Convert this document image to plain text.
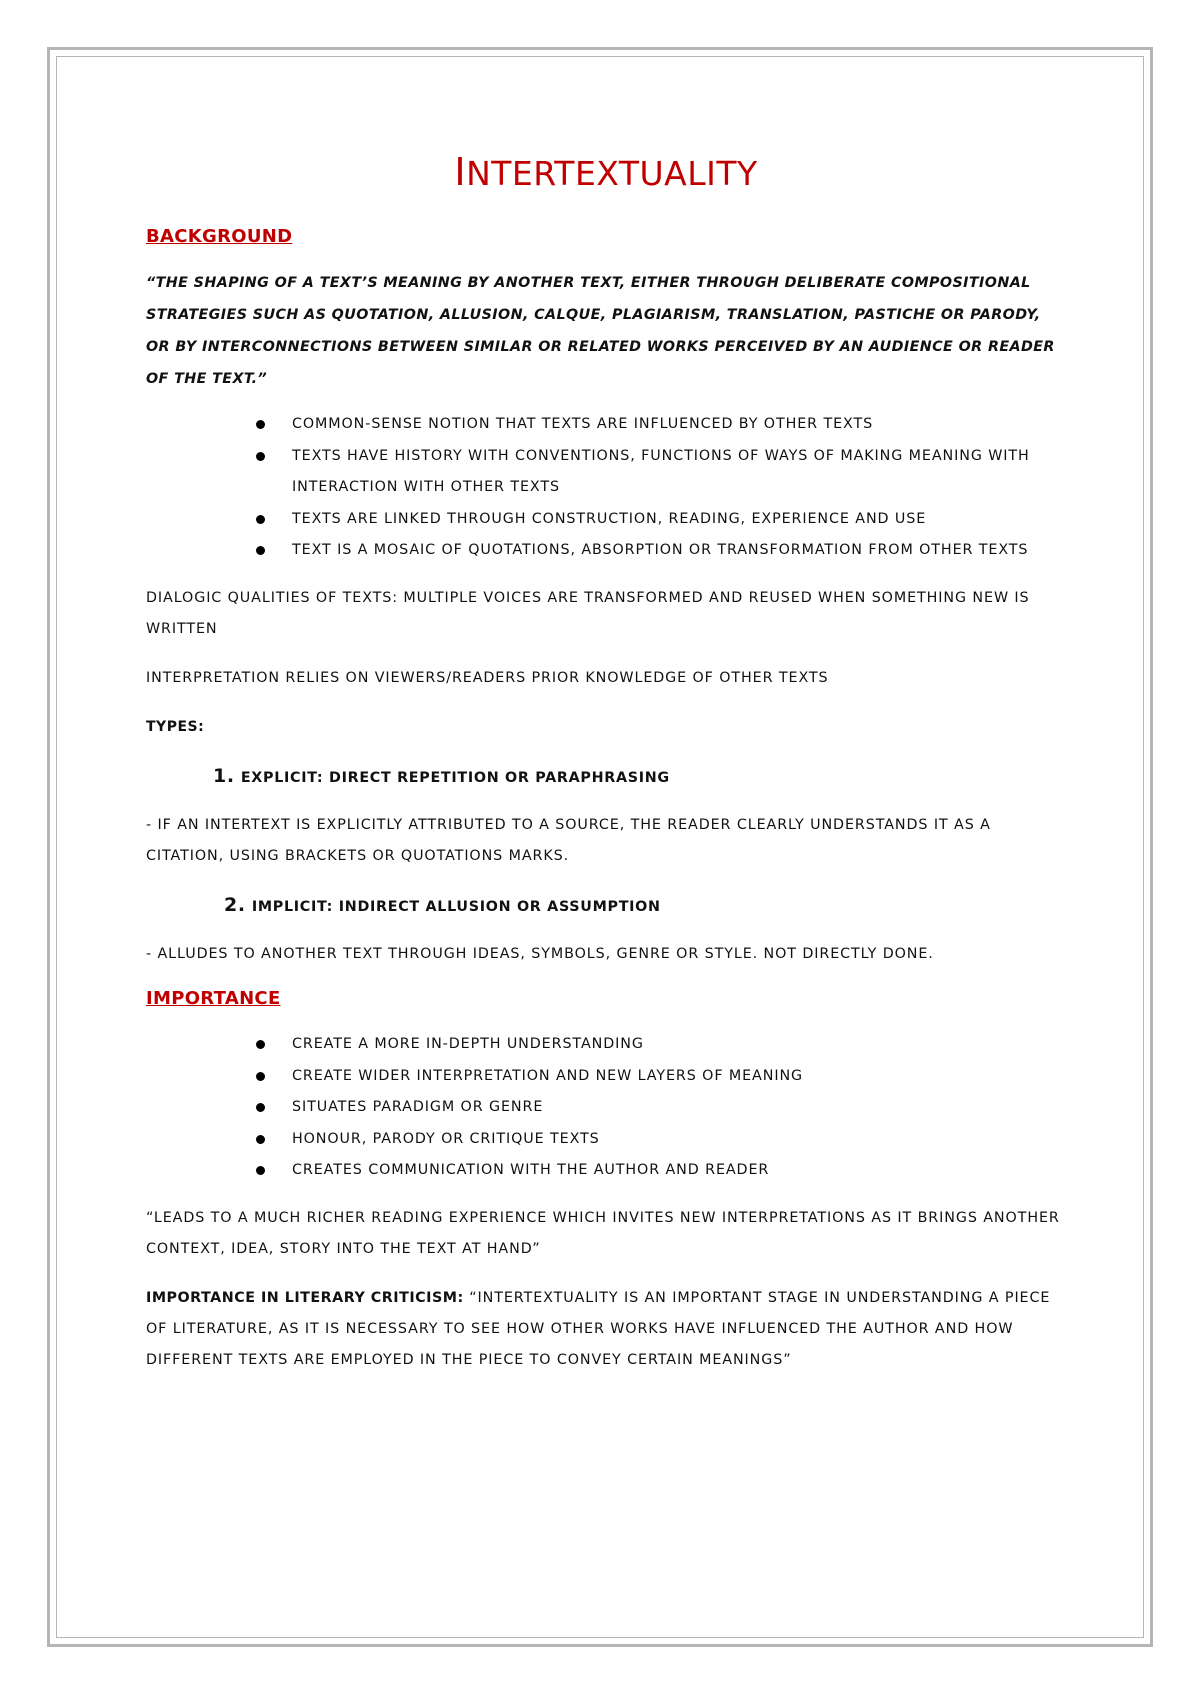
INTERTEXTUALITY
BACKGROUND

“THE SHAPING OF A TEXT’S MEANING BY ANOTHER TEXT, EITHER THROUGH DELIBERATE COMPOSITIONAL STRATEGIES SUCH AS QUOTATION, ALLUSION, CALQUE, PLAGIARISM, TRANSLATION, PASTICHE OR PARODY, OR BY INTERCONNECTIONS BETWEEN SIMILAR OR RELATED WORKS PERCEIVED BY AN AUDIENCE OR READER OF THE TEXT.”

COMMON-SENSE NOTION THAT TEXTS ARE INFLUENCED BY OTHER TEXTS
TEXTS HAVE HISTORY WITH CONVENTIONS, FUNCTIONS OF WAYS OF MAKING MEANING WITH INTERACTION WITH OTHER TEXTS
TEXTS ARE LINKED THROUGH CONSTRUCTION, READING, EXPERIENCE AND USE
TEXT IS A MOSAIC OF QUOTATIONS, ABSORPTION OR TRANSFORMATION FROM OTHER TEXTS

DIALOGIC QUALITIES OF TEXTS: MULTIPLE VOICES ARE TRANSFORMED AND REUSED WHEN SOMETHING NEW IS WRITTEN

INTERPRETATION RELIES ON VIEWERS/READERS PRIOR KNOWLEDGE OF OTHER TEXTS

TYPES:

1. EXPLICIT: DIRECT REPETITION OR PARAPHRASING

- IF AN INTERTEXT IS EXPLICITLY ATTRIBUTED TO A SOURCE, THE READER CLEARLY UNDERSTANDS IT AS A CITATION, USING BRACKETS OR QUOTATIONS MARKS.

2. IMPLICIT: INDIRECT ALLUSION OR ASSUMPTION

- ALLUDES TO ANOTHER TEXT THROUGH IDEAS, SYMBOLS, GENRE OR STYLE. NOT DIRECTLY DONE.

IMPORTANCE
CREATE A MORE IN-DEPTH UNDERSTANDING
CREATE WIDER INTERPRETATION AND NEW LAYERS OF MEANING
SITUATES PARADIGM OR GENRE
HONOUR, PARODY OR CRITIQUE TEXTS
CREATES COMMUNICATION WITH THE AUTHOR AND READER

“LEADS TO A MUCH RICHER READING EXPERIENCE WHICH INVITES NEW INTERPRETATIONS AS IT BRINGS ANOTHER CONTEXT, IDEA, STORY INTO THE TEXT AT HAND”

IMPORTANCE IN LITERARY CRITICISM: “INTERTEXTUALITY IS AN IMPORTANT STAGE IN UNDERSTANDING A PIECE OF LITERATURE, AS IT IS NECESSARY TO SEE HOW OTHER WORKS HAVE INFLUENCED THE AUTHOR AND HOW DIFFERENT TEXTS ARE EMPLOYED IN THE PIECE TO CONVEY CERTAIN MEANINGS”
